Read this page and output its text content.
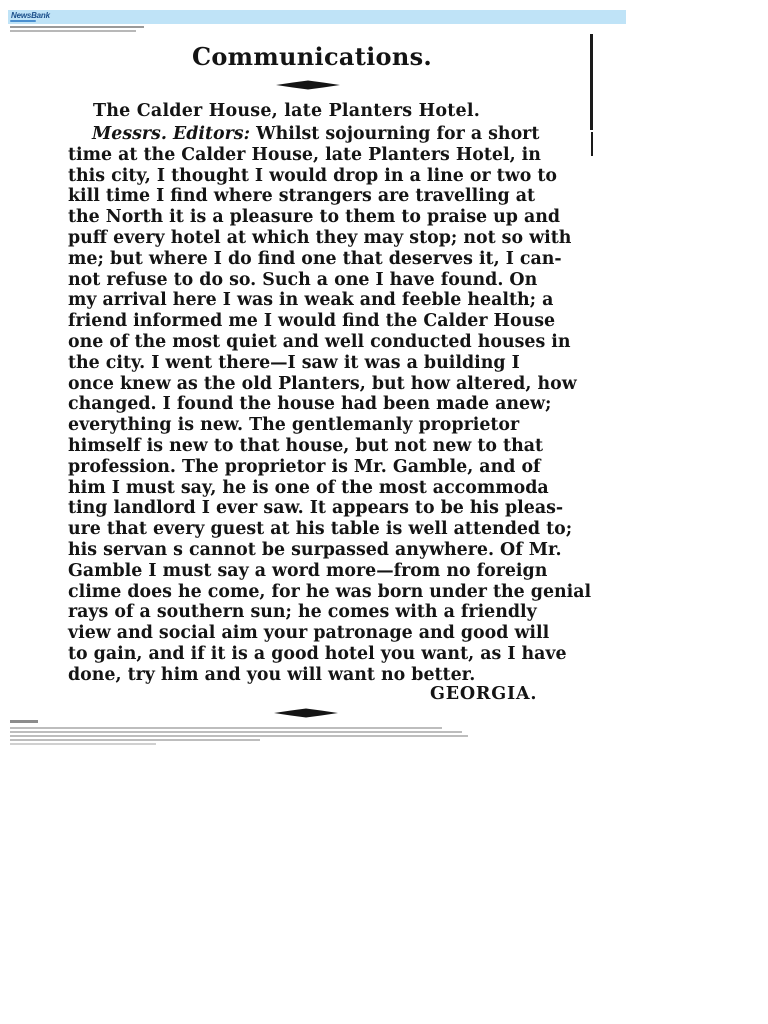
NewsBank
Communications.
The Calder House, late Planters Hotel.
Messrs. Editors: Whilst sojourning for a short
time at the Calder House, late Planters Hotel, in
this city, I thought I would drop in a line or two to
kill time I find where strangers are travelling at
the North it is a pleasure to them to praise up and
puff every hotel at which they may stop; not so with
me; but where I do find one that deserves it, I can-
not refuse to do so. Such a one I have found. On
my arrival here I was in weak and feeble health; a
friend informed me I would find the Calder House
one of the most quiet and well conducted houses in
the city. I went there—I saw it was a building I
once knew as the old Planters, but how altered, how
changed. I found the house had been made anew;
everything is new. The gentlemanly proprietor
himself is new to that house, but not new to that
profession. The proprietor is Mr. Gamble, and of
him I must say, he is one of the most accommoda
ting landlord I ever saw. It appears to be his pleas-
ure that every guest at his table is well attended to;
his servan s cannot be surpassed anywhere. Of Mr.
Gamble I must say a word more—from no foreign
clime does he come, for he was born under the genial
rays of a southern sun; he comes with a friendly
view and social aim your patronage and good will
to gain, and if it is a good hotel you want, as I have
done, try him and you will want no better.
GEORGIA.
